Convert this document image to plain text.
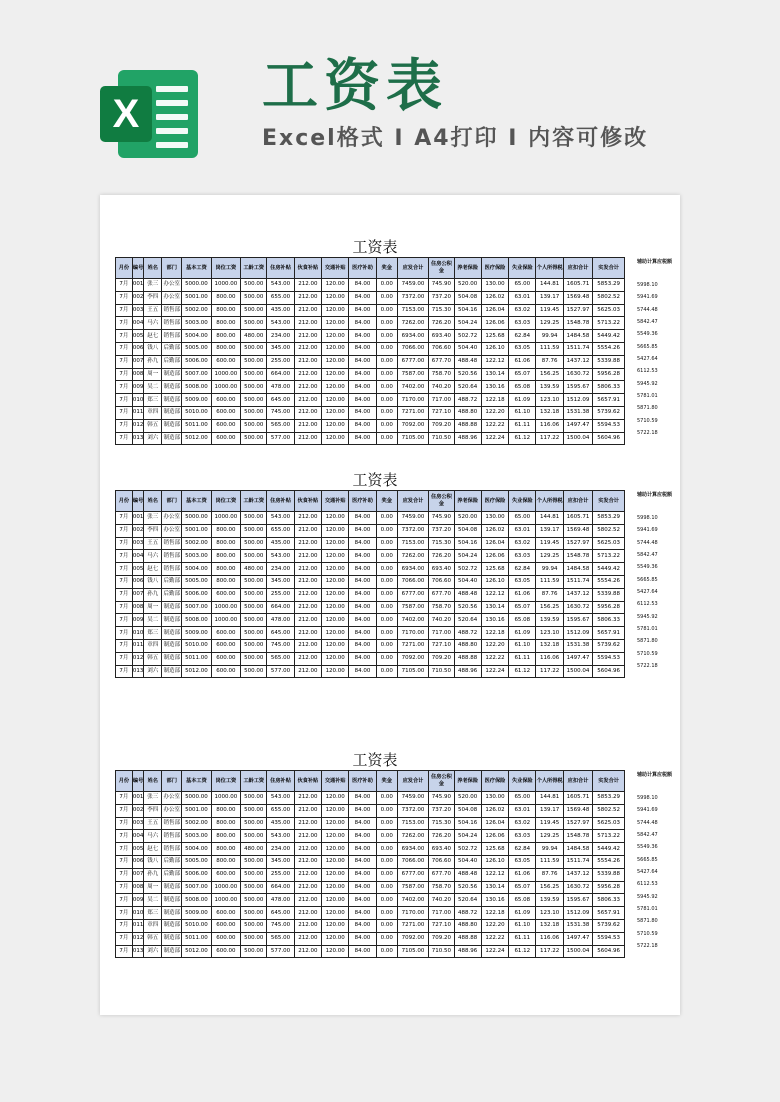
X 工资表

Excel格式 I A4打印 I 内容可修改

工资表
月份	编号	姓名	部门	基本工资	岗位工资	工龄工资	住房补贴	伙食补贴	交通补贴	医疗补助	奖金	应发合计	住房公积金	养老保险	医疗保险	失业保险	个人所得税	应扣合计	实发合计
7月	001	张三	办公室	5000.00	1000.00	500.00	543.00	212.00	120.00	84.00	0.00	7459.00	745.90	520.00	130.00	65.00	144.81	1605.71	5853.29
7月	002	李四	办公室	5001.00	800.00	500.00	655.00	212.00	120.00	84.00	0.00	7372.00	737.20	504.08	126.02	63.01	139.17	1569.48	5802.52
7月	003	王五	销售部	5002.00	800.00	500.00	435.00	212.00	120.00	84.00	0.00	7153.00	715.30	504.16	126.04	63.02	119.45	1527.97	5625.03
7月	004	马六	销售部	5003.00	800.00	500.00	543.00	212.00	120.00	84.00	0.00	7262.00	726.20	504.24	126.06	63.03	129.25	1548.78	5713.22
7月	005	赵七	销售部	5004.00	800.00	480.00	234.00	212.00	120.00	84.00	0.00	6934.00	693.40	502.72	125.68	62.84	99.94	1484.58	5449.42
7月	006	钱八	后勤部	5005.00	800.00	500.00	345.00	212.00	120.00	84.00	0.00	7066.00	706.60	504.40	126.10	63.05	111.59	1511.74	5554.26
7月	007	孙九	后勤部	5006.00	600.00	500.00	255.00	212.00	120.00	84.00	0.00	6777.00	677.70	488.48	122.12	61.06	87.76	1437.12	5339.88
7月	008	周一	制造部	5007.00	1000.00	500.00	664.00	212.00	120.00	84.00	0.00	7587.00	758.70	520.56	130.14	65.07	156.25	1630.72	5956.28
7月	009	吴二	制造部	5008.00	1000.00	500.00	478.00	212.00	120.00	84.00	0.00	7402.00	740.20	520.64	130.16	65.08	139.59	1595.67	5806.33
7月	010	郑三	制造部	5009.00	600.00	500.00	645.00	212.00	120.00	84.00	0.00	7170.00	717.00	488.72	122.18	61.09	123.10	1512.09	5657.91
7月	011	章四	制造部	5010.00	600.00	500.00	745.00	212.00	120.00	84.00	0.00	7271.00	727.10	488.80	122.20	61.10	132.18	1531.38	5739.62
7月	012	韩五	制造部	5011.00	600.00	500.00	565.00	212.00	120.00	84.00	0.00	7092.00	709.20	488.88	122.22	61.11	116.06	1497.47	5594.53
7月	013	刘六	制造部	5012.00	600.00	500.00	577.00	212.00	120.00	84.00	0.00	7105.00	710.50	488.96	122.24	61.12	117.22	1500.04	5604.96
辅助计算应税额
5998.10
5941.69
5744.48
5842.47
5549.36
5665.85
5427.64
6112.53
5945.92
5781.01
5871.80
5710.59
5722.18
工资表
月份	编号	姓名	部门	基本工资	岗位工资	工龄工资	住房补贴	伙食补贴	交通补贴	医疗补助	奖金	应发合计	住房公积金	养老保险	医疗保险	失业保险	个人所得税	应扣合计	实发合计
7月	001	张三	办公室	5000.00	1000.00	500.00	543.00	212.00	120.00	84.00	0.00	7459.00	745.90	520.00	130.00	65.00	144.81	1605.71	5853.29
7月	002	李四	办公室	5001.00	800.00	500.00	655.00	212.00	120.00	84.00	0.00	7372.00	737.20	504.08	126.02	63.01	139.17	1569.48	5802.52
7月	003	王五	销售部	5002.00	800.00	500.00	435.00	212.00	120.00	84.00	0.00	7153.00	715.30	504.16	126.04	63.02	119.45	1527.97	5625.03
7月	004	马六	销售部	5003.00	800.00	500.00	543.00	212.00	120.00	84.00	0.00	7262.00	726.20	504.24	126.06	63.03	129.25	1548.78	5713.22
7月	005	赵七	销售部	5004.00	800.00	480.00	234.00	212.00	120.00	84.00	0.00	6934.00	693.40	502.72	125.68	62.84	99.94	1484.58	5449.42
7月	006	钱八	后勤部	5005.00	800.00	500.00	345.00	212.00	120.00	84.00	0.00	7066.00	706.60	504.40	126.10	63.05	111.59	1511.74	5554.26
7月	007	孙九	后勤部	5006.00	600.00	500.00	255.00	212.00	120.00	84.00	0.00	6777.00	677.70	488.48	122.12	61.06	87.76	1437.12	5339.88
7月	008	周一	制造部	5007.00	1000.00	500.00	664.00	212.00	120.00	84.00	0.00	7587.00	758.70	520.56	130.14	65.07	156.25	1630.72	5956.28
7月	009	吴二	制造部	5008.00	1000.00	500.00	478.00	212.00	120.00	84.00	0.00	7402.00	740.20	520.64	130.16	65.08	139.59	1595.67	5806.33
7月	010	郑三	制造部	5009.00	600.00	500.00	645.00	212.00	120.00	84.00	0.00	7170.00	717.00	488.72	122.18	61.09	123.10	1512.09	5657.91
7月	011	章四	制造部	5010.00	600.00	500.00	745.00	212.00	120.00	84.00	0.00	7271.00	727.10	488.80	122.20	61.10	132.18	1531.38	5739.62
7月	012	韩五	制造部	5011.00	600.00	500.00	565.00	212.00	120.00	84.00	0.00	7092.00	709.20	488.88	122.22	61.11	116.06	1497.47	5594.53
7月	013	刘六	制造部	5012.00	600.00	500.00	577.00	212.00	120.00	84.00	0.00	7105.00	710.50	488.96	122.24	61.12	117.22	1500.04	5604.96
辅助计算应税额
5998.10
5941.69
5744.48
5842.47
5549.36
5665.85
5427.64
6112.53
5945.92
5781.01
5871.80
5710.59
5722.18
工资表
月份	编号	姓名	部门	基本工资	岗位工资	工龄工资	住房补贴	伙食补贴	交通补贴	医疗补助	奖金	应发合计	住房公积金	养老保险	医疗保险	失业保险	个人所得税	应扣合计	实发合计
7月	001	张三	办公室	5000.00	1000.00	500.00	543.00	212.00	120.00	84.00	0.00	7459.00	745.90	520.00	130.00	65.00	144.81	1605.71	5853.29
7月	002	李四	办公室	5001.00	800.00	500.00	655.00	212.00	120.00	84.00	0.00	7372.00	737.20	504.08	126.02	63.01	139.17	1569.48	5802.52
7月	003	王五	销售部	5002.00	800.00	500.00	435.00	212.00	120.00	84.00	0.00	7153.00	715.30	504.16	126.04	63.02	119.45	1527.97	5625.03
7月	004	马六	销售部	5003.00	800.00	500.00	543.00	212.00	120.00	84.00	0.00	7262.00	726.20	504.24	126.06	63.03	129.25	1548.78	5713.22
7月	005	赵七	销售部	5004.00	800.00	480.00	234.00	212.00	120.00	84.00	0.00	6934.00	693.40	502.72	125.68	62.84	99.94	1484.58	5449.42
7月	006	钱八	后勤部	5005.00	800.00	500.00	345.00	212.00	120.00	84.00	0.00	7066.00	706.60	504.40	126.10	63.05	111.59	1511.74	5554.26
7月	007	孙九	后勤部	5006.00	600.00	500.00	255.00	212.00	120.00	84.00	0.00	6777.00	677.70	488.48	122.12	61.06	87.76	1437.12	5339.88
7月	008	周一	制造部	5007.00	1000.00	500.00	664.00	212.00	120.00	84.00	0.00	7587.00	758.70	520.56	130.14	65.07	156.25	1630.72	5956.28
7月	009	吴二	制造部	5008.00	1000.00	500.00	478.00	212.00	120.00	84.00	0.00	7402.00	740.20	520.64	130.16	65.08	139.59	1595.67	5806.33
7月	010	郑三	制造部	5009.00	600.00	500.00	645.00	212.00	120.00	84.00	0.00	7170.00	717.00	488.72	122.18	61.09	123.10	1512.09	5657.91
7月	011	章四	制造部	5010.00	600.00	500.00	745.00	212.00	120.00	84.00	0.00	7271.00	727.10	488.80	122.20	61.10	132.18	1531.38	5739.62
7月	012	韩五	制造部	5011.00	600.00	500.00	565.00	212.00	120.00	84.00	0.00	7092.00	709.20	488.88	122.22	61.11	116.06	1497.47	5594.53
7月	013	刘六	制造部	5012.00	600.00	500.00	577.00	212.00	120.00	84.00	0.00	7105.00	710.50	488.96	122.24	61.12	117.22	1500.04	5604.96
辅助计算应税额
5998.10
5941.69
5744.48
5842.47
5549.36
5665.85
5427.64
6112.53
5945.92
5781.01
5871.80
5710.59
5722.18
